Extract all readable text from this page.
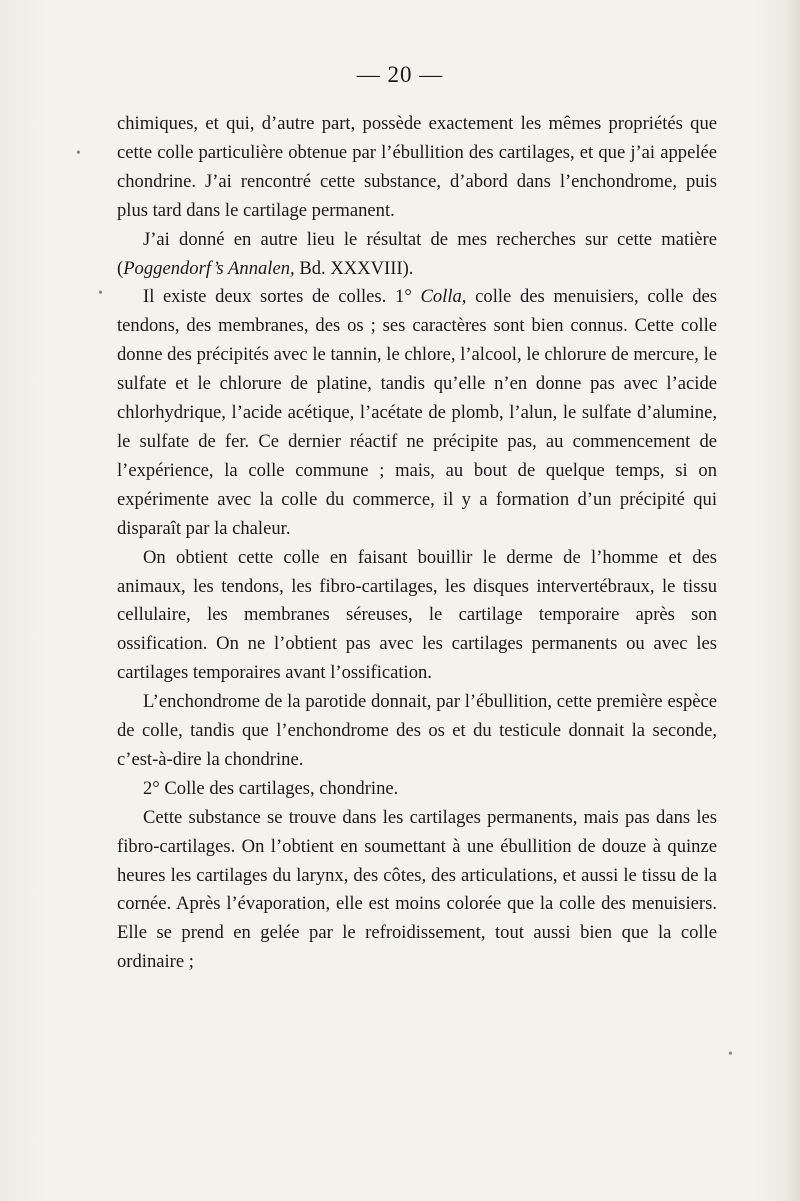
— 20 —

chimiques, et qui, d’autre part, possède exactement les mêmes propriétés que cette colle particulière obtenue par l’ébullition des cartilages, et que j’ai appelée chondrine. J’ai rencontré cette substance, d’abord dans l’enchondrome, puis plus tard dans le cartilage permanent.

J’ai donné en autre lieu le résultat de mes recherches sur cette matière (Poggendorf’s Annalen, Bd. XXXVIII).

Il existe deux sortes de colles. 1° Colla, colle des menuisiers, colle des tendons, des membranes, des os ; ses caractères sont bien connus. Cette colle donne des précipités avec le tannin, le chlore, l’alcool, le chlorure de mercure, le sulfate et le chlorure de platine, tandis qu’elle n’en donne pas avec l’acide chlorhydrique, l’acide acétique, l’acétate de plomb, l’alun, le sulfate d’alumine, le sulfate de fer. Ce dernier réactif ne précipite pas, au commencement de l’expérience, la colle commune ; mais, au bout de quelque temps, si on expérimente avec la colle du commerce, il y a formation d’un précipité qui disparaît par la chaleur.

On obtient cette colle en faisant bouillir le derme de l’homme et des animaux, les tendons, les fibro-cartilages, les disques intervertébraux, le tissu cellulaire, les membranes séreuses, le cartilage temporaire après son ossification. On ne l’obtient pas avec les cartilages permanents ou avec les cartilages temporaires avant l’ossification.

L’enchondrome de la parotide donnait, par l’ébullition, cette première espèce de colle, tandis que l’enchondrome des os et du testicule donnait la seconde, c’est-à-dire la chondrine.

2° Colle des cartilages, chondrine.

Cette substance se trouve dans les cartilages permanents, mais pas dans les fibro-cartilages. On l’obtient en soumettant à une ébullition de douze à quinze heures les cartilages du larynx, des côtes, des articulations, et aussi le tissu de la cornée. Après l’évaporation, elle est moins colorée que la colle des menuisiers. Elle se prend en gelée par le refroidissement, tout aussi bien que la colle ordinaire ;

•
•
•
